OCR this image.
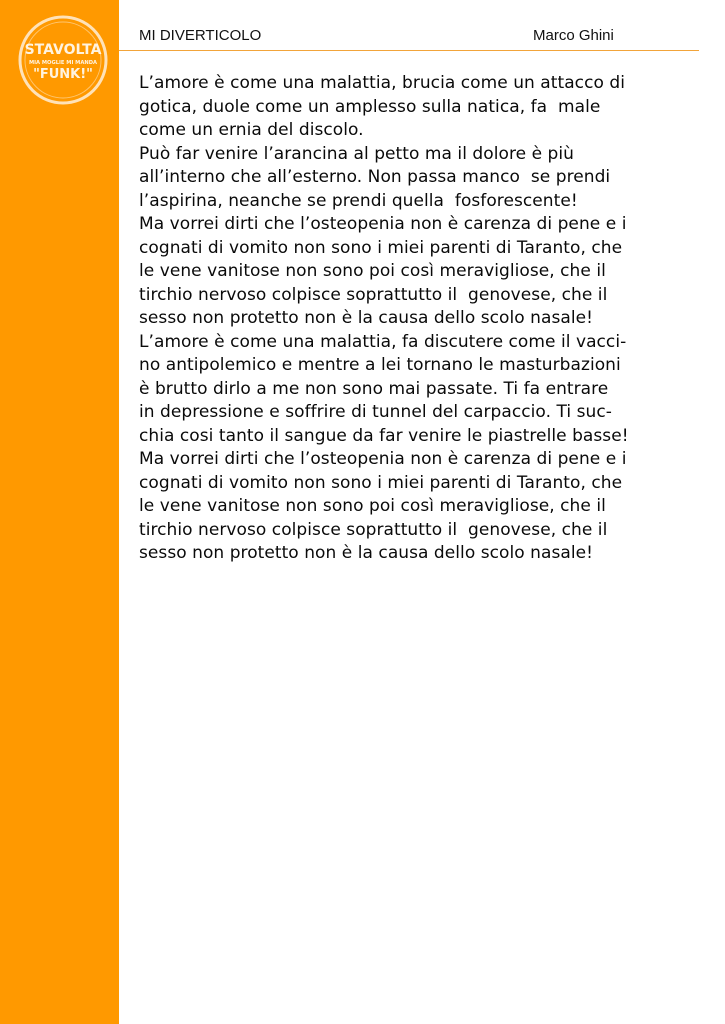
STAVOLTA
MIA MOGLIE MI MANDA
"FUNK!"
MI DIVERTICOLO	Marco Ghini
L’amore è come una malattia, brucia come un attacco di
gotica, duole come un amplesso sulla natica, fa  male
come un ernia del discolo.
Può far venire l’arancina al petto ma il dolore è più
all’interno che all’esterno. Non passa manco  se prendi
l’aspirina, neanche se prendi quella  fosforescente!
Ma vorrei dirti che l’osteopenia non è carenza di pene e i
cognati di vomito non sono i miei parenti di Taranto, che
le vene vanitose non sono poi così meravigliose, che il
tirchio nervoso colpisce soprattutto il  genovese, che il
sesso non protetto non è la causa dello scolo nasale!
L’amore è come una malattia, fa discutere come il vacci-
no antipolemico e mentre a lei tornano le masturbazioni
è brutto dirlo a me non sono mai passate. Ti fa entrare
in depressione e soffrire di tunnel del carpaccio. Ti suc-
chia cosi tanto il sangue da far venire le piastrelle basse!
Ma vorrei dirti che l’osteopenia non è carenza di pene e i
cognati di vomito non sono i miei parenti di Taranto, che
le vene vanitose non sono poi così meravigliose, che il
tirchio nervoso colpisce soprattutto il  genovese, che il
sesso non protetto non è la causa dello scolo nasale!
